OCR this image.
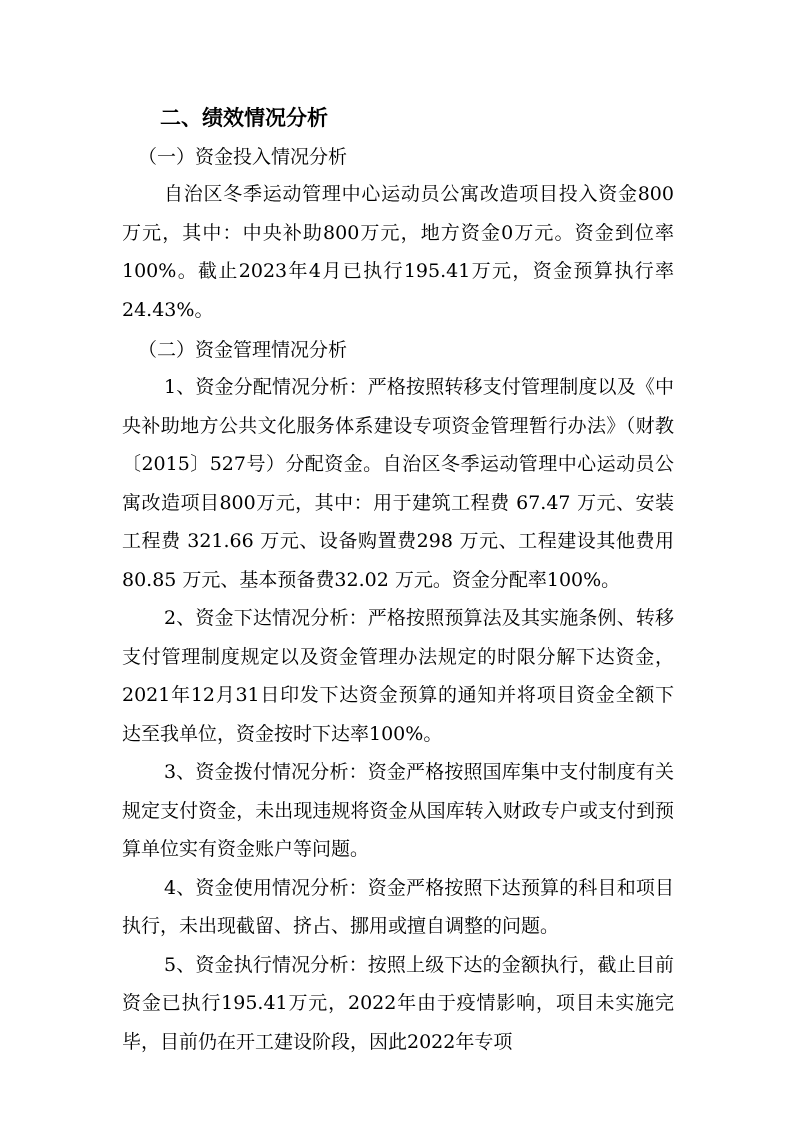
二、绩效情况分析
（一）资金投入情况分析

自治区冬季运动管理中心运动员公寓改造项目投入资金800万元，其中：中央补助800万元，地方资金0万元。资金到位率100%。截止2023年4月已执行195.41万元，资金预算执行率24.43%。

（二）资金管理情况分析

1、资金分配情况分析：严格按照转移支付管理制度以及《中央补助地方公共文化服务体系建设专项资金管理暂行办法》（财教〔2015〕527号）分配资金。自治区冬季运动管理中心运动员公寓改造项目800万元，其中：用于建筑工程费 67.47 万元、安装工程费 321.66 万元、设备购置费298 万元、工程建设其他费用 80.85 万元、基本预备费32.02 万元。资金分配率100%。

2、资金下达情况分析：严格按照预算法及其实施条例、转移支付管理制度规定以及资金管理办法规定的时限分解下达资金，2021年12月31日印发下达资金预算的通知并将项目资金全额下达至我单位，资金按时下达率100%。

3、资金拨付情况分析：资金严格按照国库集中支付制度有关规定支付资金，未出现违规将资金从国库转入财政专户或支付到预算单位实有资金账户等问题。

4、资金使用情况分析：资金严格按照下达预算的科目和项目执行，未出现截留、挤占、挪用或擅自调整的问题。

5、资金执行情况分析：按照上级下达的金额执行，截止目前资金已执行195.41万元，2022年由于疫情影响，项目未实施完毕，目前仍在开工建设阶段，因此2022年专项
